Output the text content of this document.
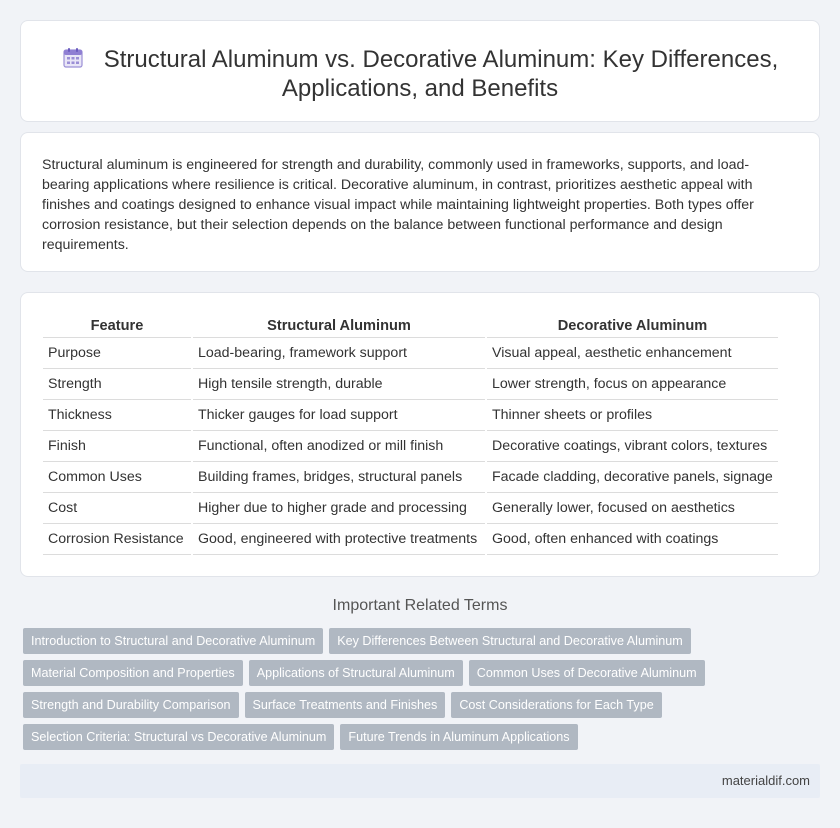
Structural Aluminum vs. Decorative Aluminum: Key Differences, Applications, and Benefits

Structural aluminum is engineered for strength and durability, commonly used in frameworks, supports, and load-bearing applications where resilience is critical. Decorative aluminum, in contrast, prioritizes aesthetic appeal with finishes and coatings designed to enhance visual impact while maintaining lightweight properties. Both types offer corrosion resistance, but their selection depends on the balance between functional performance and design requirements.

Feature	Structural Aluminum	Decorative Aluminum
Purpose	Load-bearing, framework support	Visual appeal, aesthetic enhancement
Strength	High tensile strength, durable	Lower strength, focus on appearance
Thickness	Thicker gauges for load support	Thinner sheets or profiles
Finish	Functional, often anodized or mill finish	Decorative coatings, vibrant colors, textures
Common Uses	Building frames, bridges, structural panels	Facade cladding, decorative panels, signage
Cost	Higher due to higher grade and processing	Generally lower, focused on aesthetics
Corrosion Resistance	Good, engineered with protective treatments	Good, often enhanced with coatings
Important Related Terms
Introduction to Structural and Decorative Aluminum Key Differences Between Structural and Decorative Aluminum
Material Composition and Properties Applications of Structural Aluminum Common Uses of Decorative Aluminum
Strength and Durability Comparison Surface Treatments and Finishes Cost Considerations for Each Type
Selection Criteria: Structural vs Decorative Aluminum Future Trends in Aluminum Applications
materialdif.com
